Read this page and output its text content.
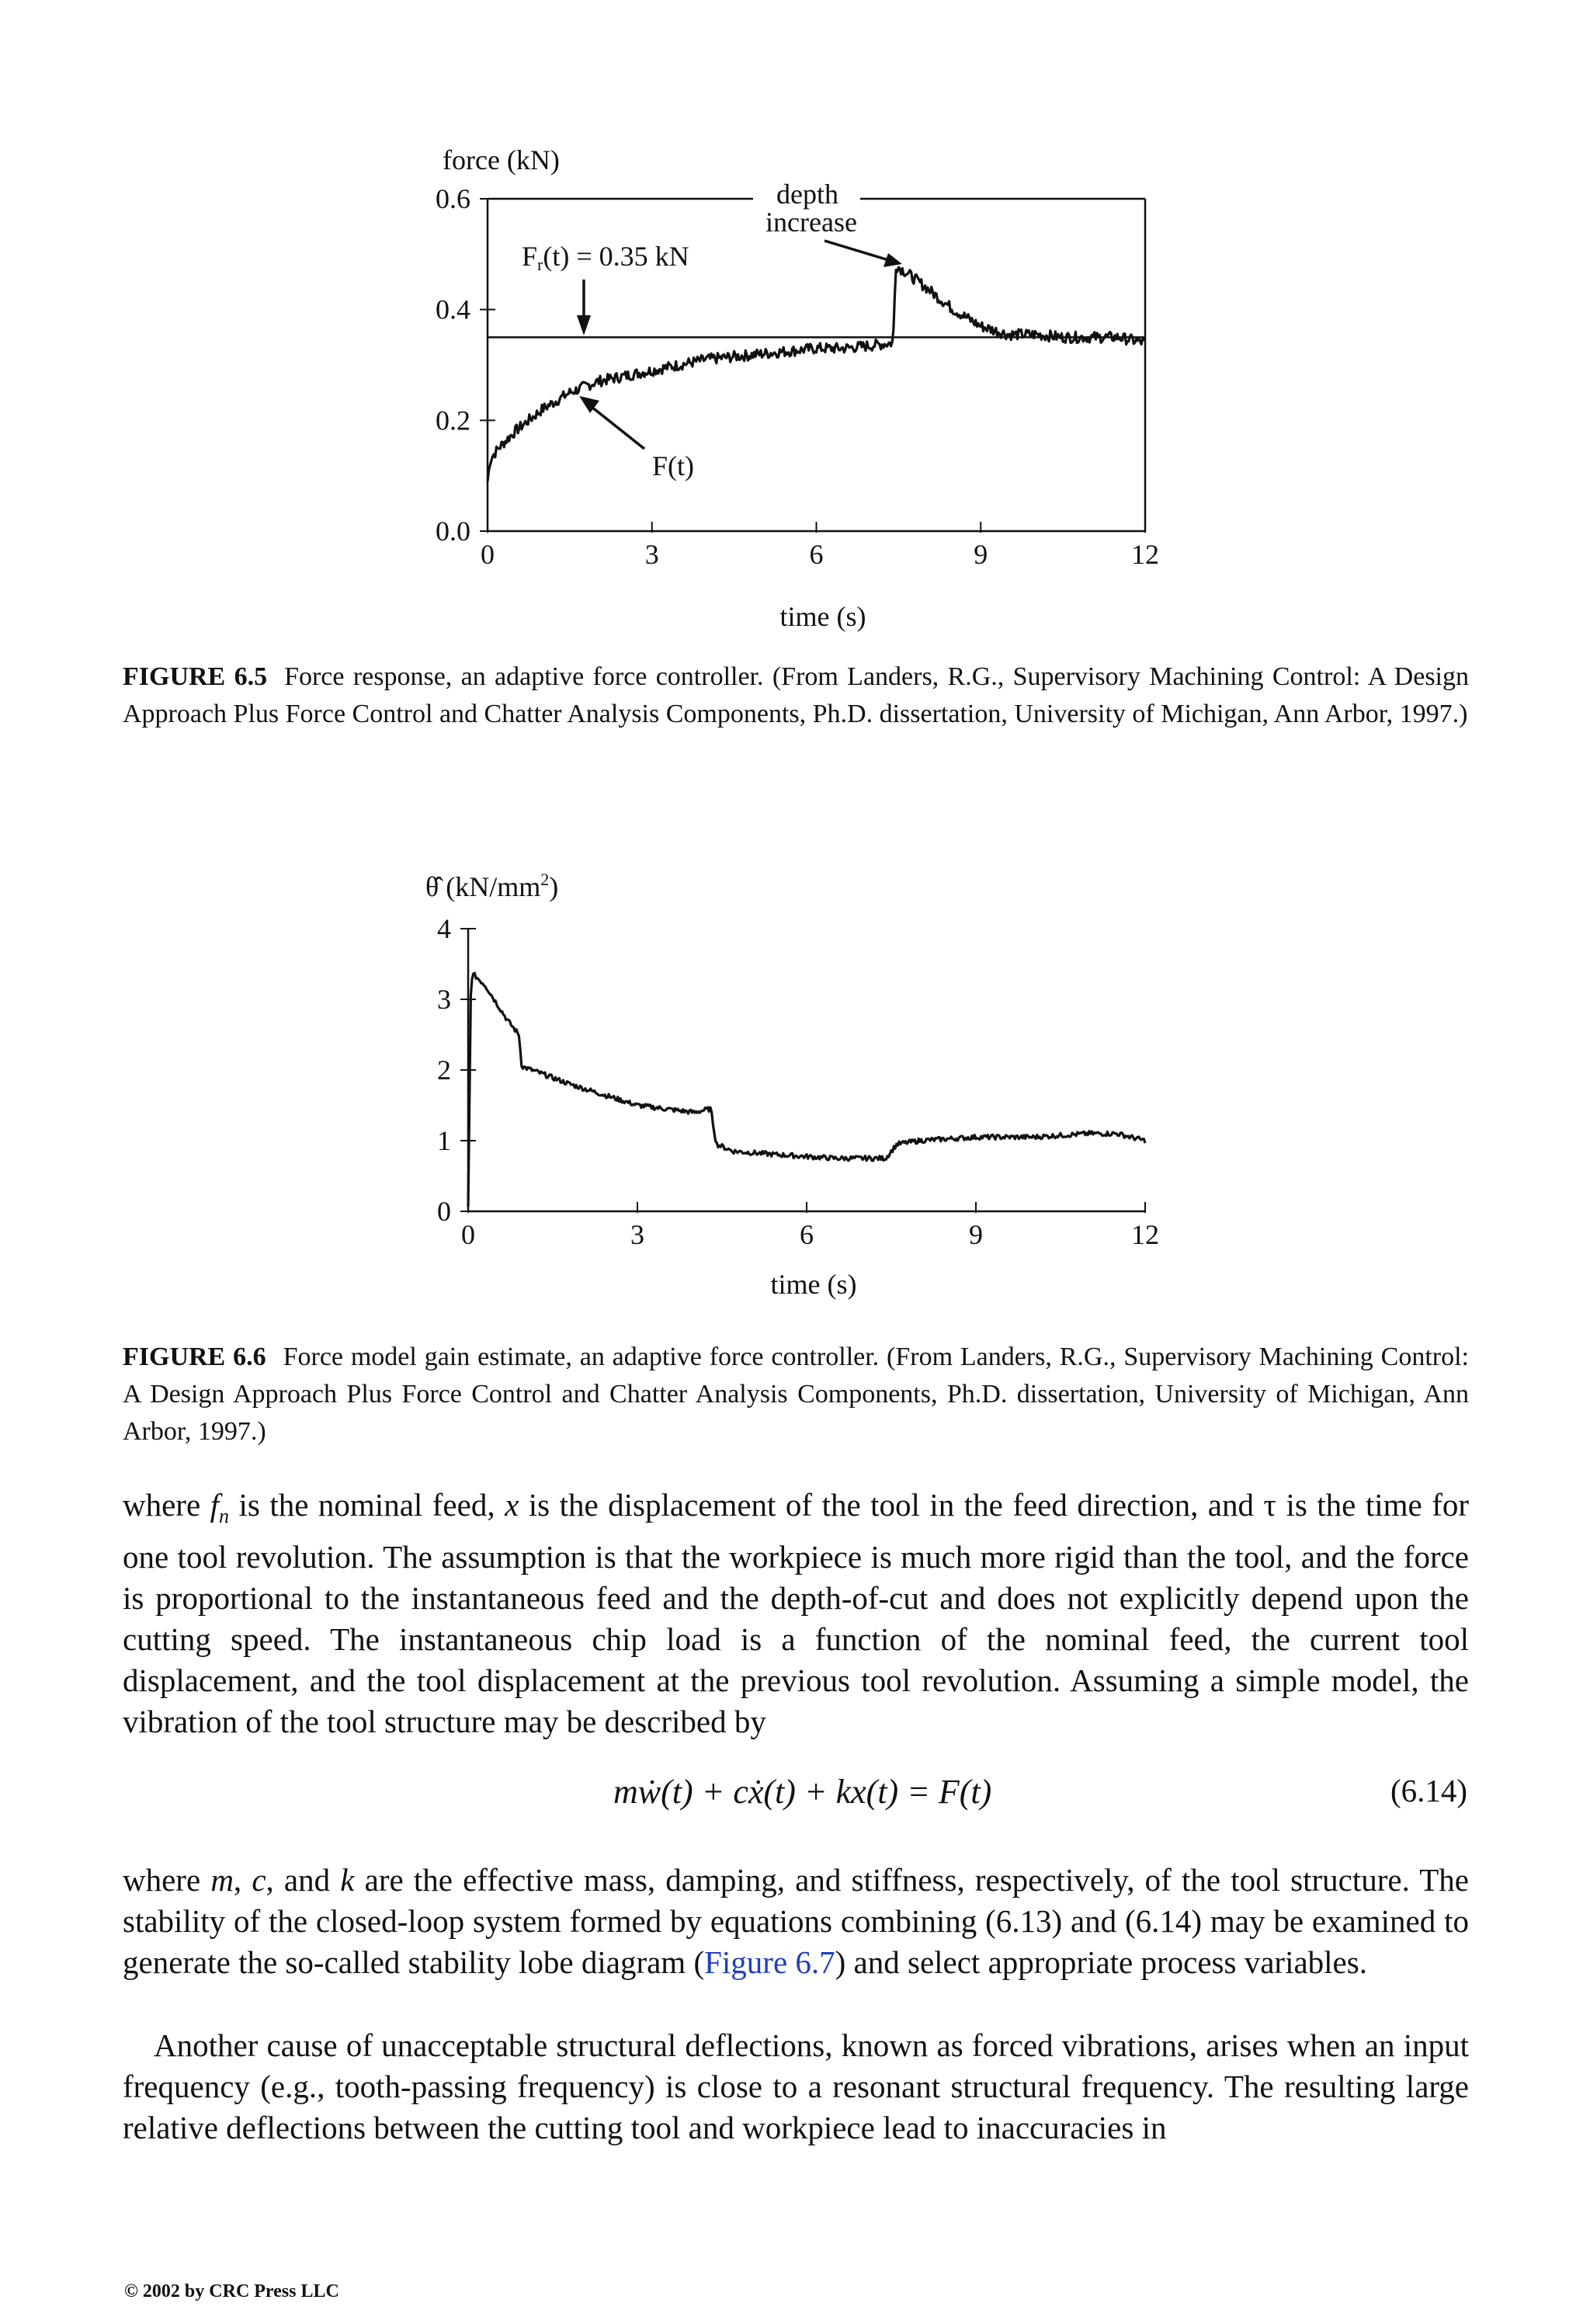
force (kN)
time (s)
depth
increase
Fr(t) = 0.35 kN
F(t)
0	3	6	9	12
0.0
0.2
0.4
0.6
FIGURE 6.5 Force response, an adaptive force controller. (From Landers, R.G., Supervisory Machining Control: A Design Approach Plus Force Control and Chatter Analysis Components, Ph.D. dissertation, University of Michigan, Ann Arbor, 1997.)
θ̂ $(kN/mm^2)$
time (s)
0	3	6	9	12
0
1
2
3
4
FIGURE 6.6 Force model gain estimate, an adaptive force controller. (From Landers, R.G., Supervisory Machining Control: A Design Approach Plus Force Control and Chatter Analysis Components, Ph.D. dissertation, University of Michigan, Ann Arbor, 1997.)

where $f_n$ is the nominal feed, x is the displacement of the tool in the feed direction, and τ is the time for one tool revolution. The assumption is that the workpiece is much more rigid than the tool, and the force is proportional to the instantaneous feed and the depth-of-cut and does not explicitly depend upon the cutting speed. The instantaneous chip load is a function of the nominal feed, the current tool displacement, and the tool displacement at the previous tool revolution. Assuming a simple model, the vibration of the tool structure may be described by

mẇ(t) + cẋ(t) + kx(t) = F(t)	(6.14)

where m, c, and k are the effective mass, damping, and stiffness, respectively, of the tool structure. The stability of the closed-loop system formed by equations combining (6.13) and (6.14) may be examined to generate the so-called stability lobe diagram (Figure 6.7) and select appropriate process variables.

Another cause of unacceptable structural deflections, known as forced vibrations, arises when an input frequency (e.g., tooth-passing frequency) is close to a resonant structural frequency. The resulting large relative deflections between the cutting tool and workpiece lead to inaccuracies in

© 2002 by CRC Press LLC
